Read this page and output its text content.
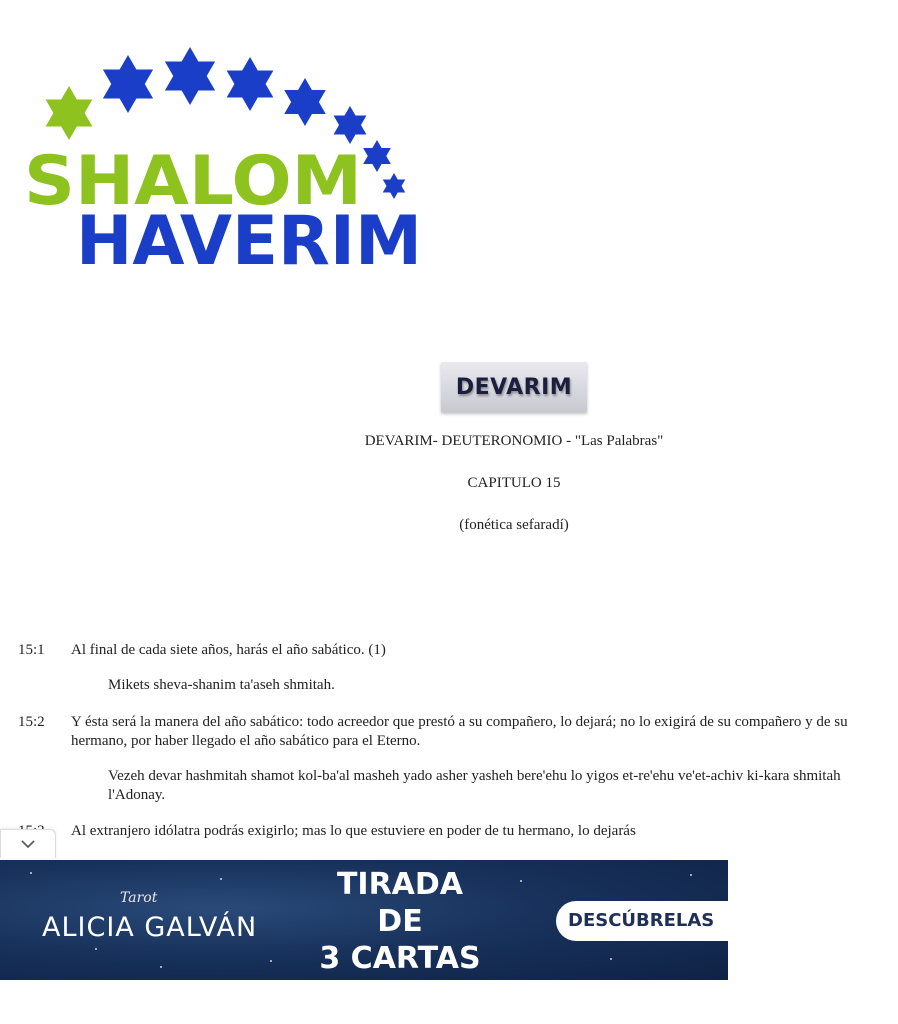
SHALOM
HAVERIM
DEVARIM
DEVARIM- DEUTERONOMIO - "Las Palabras"
CAPITULO 15
(fonética sefaradí)
15:1	Al final de cada siete años, harás el año sabático. (1)
Mikets sheva-shanim ta'aseh shmitah.
15:2	Y ésta será la manera del año sabático: todo acreedor que prestó a su compañero, lo dejará; no lo exigirá de su compañero y de su
hermano, por haber llegado el año sabático para el Eterno.
Vezeh devar hashmitah shamot kol-ba'al masheh yado asher yasheh bere'ehu lo yigos et-re'ehu ve'et-achiv ki-kara shmitah
l'Adonay.
Al extranjero idólatra podrás exigirlo; mas lo que estuviere en poder de tu hermano, lo dejarás
Tarot
ALICIA GALVÁN
TIRADA
DE
3 CARTAS
DESCÚBRELAS
